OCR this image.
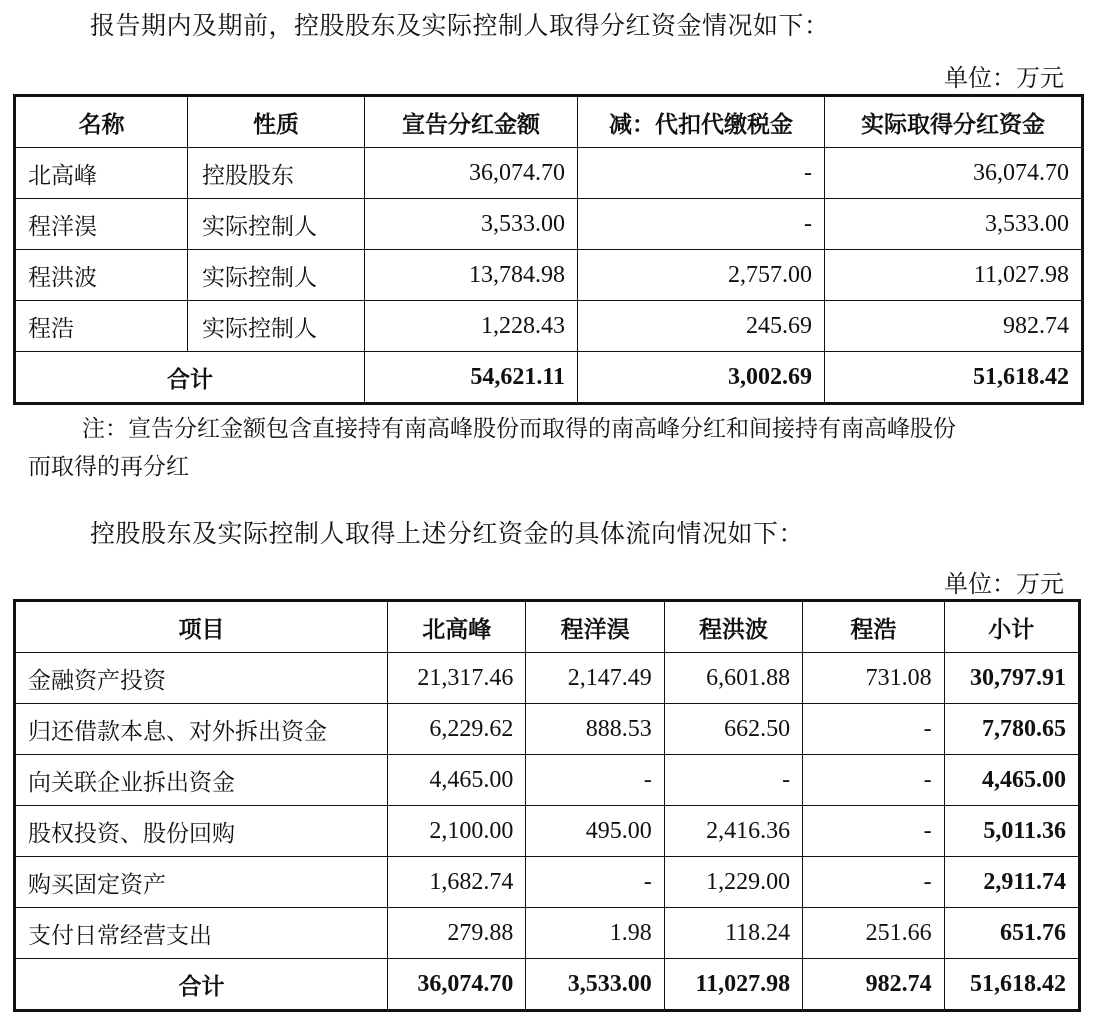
报告期内及期前，控股股东及实际控制人取得分红资金情况如下：
单位：万元
名称	性质	宣告分红金额	减：代扣代缴税金	实际取得分红资金
北高峰	控股股东	36,074.70	-	36,074.70
程洋淏	实际控制人	3,533.00	-	3,533.00
程洪波	实际控制人	13,784.98	2,757.00	11,027.98
程浩	实际控制人	1,228.43	245.69	982.74
合计		54,621.11	3,002.69	51,618.42
注：宣告分红金额包含直接持有南高峰股份而取得的南高峰分红和间接持有南高峰股份
而取得的再分红
控股股东及实际控制人取得上述分红资金的具体流向情况如下：
单位：万元
项目	北高峰	程洋淏	程洪波	程浩	小计
金融资产投资	21,317.46	2,147.49	6,601.88	731.08	30,797.91
归还借款本息、对外拆出资金	6,229.62	888.53	662.50	-	7,780.65
向关联企业拆出资金	4,465.00	-	-	-	4,465.00
股权投资、股份回购	2,100.00	495.00	2,416.36	-	5,011.36
购买固定资产	1,682.74	-	1,229.00	-	2,911.74
支付日常经营支出	279.88	1.98	118.24	251.66	651.76
合计	36,074.70	3,533.00	11,027.98	982.74	51,618.42
